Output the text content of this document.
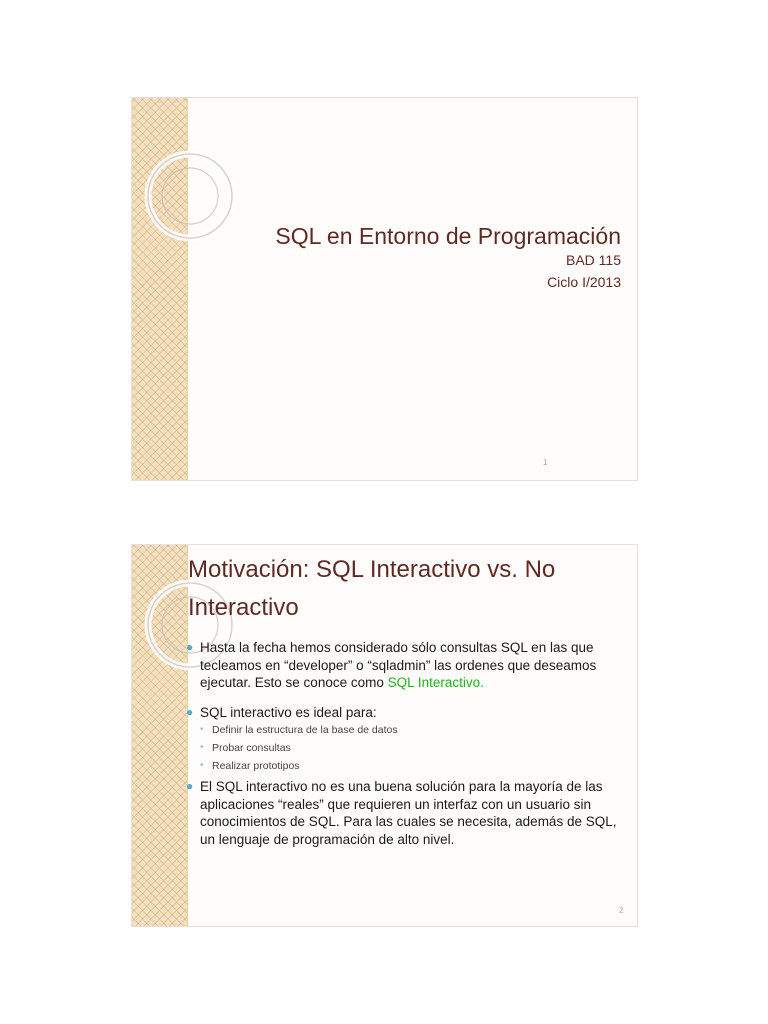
SQL en Entorno de Programación

BAD 115

Ciclo I/2013

1
Motivación: SQL Interactivo vs. No
Interactivo
● Hasta la fecha hemos considerado sólo consultas SQL en las que tecleamos en “developer” o “sqladmin” las ordenes que deseamos ejecutar. Esto se conoce como SQL Interactivo.
● SQL interactivo es ideal para:
• Definir la estructura de la base de datos
• Probar consultas
• Realizar prototipos
● El SQL interactivo no es una buena solución para la mayoría de las aplicaciones “reales” que requieren un interfaz con un usuario sin conocimientos de SQL. Para las cuales se necesita, además de SQL, un lenguaje de programación de alto nivel.
2
